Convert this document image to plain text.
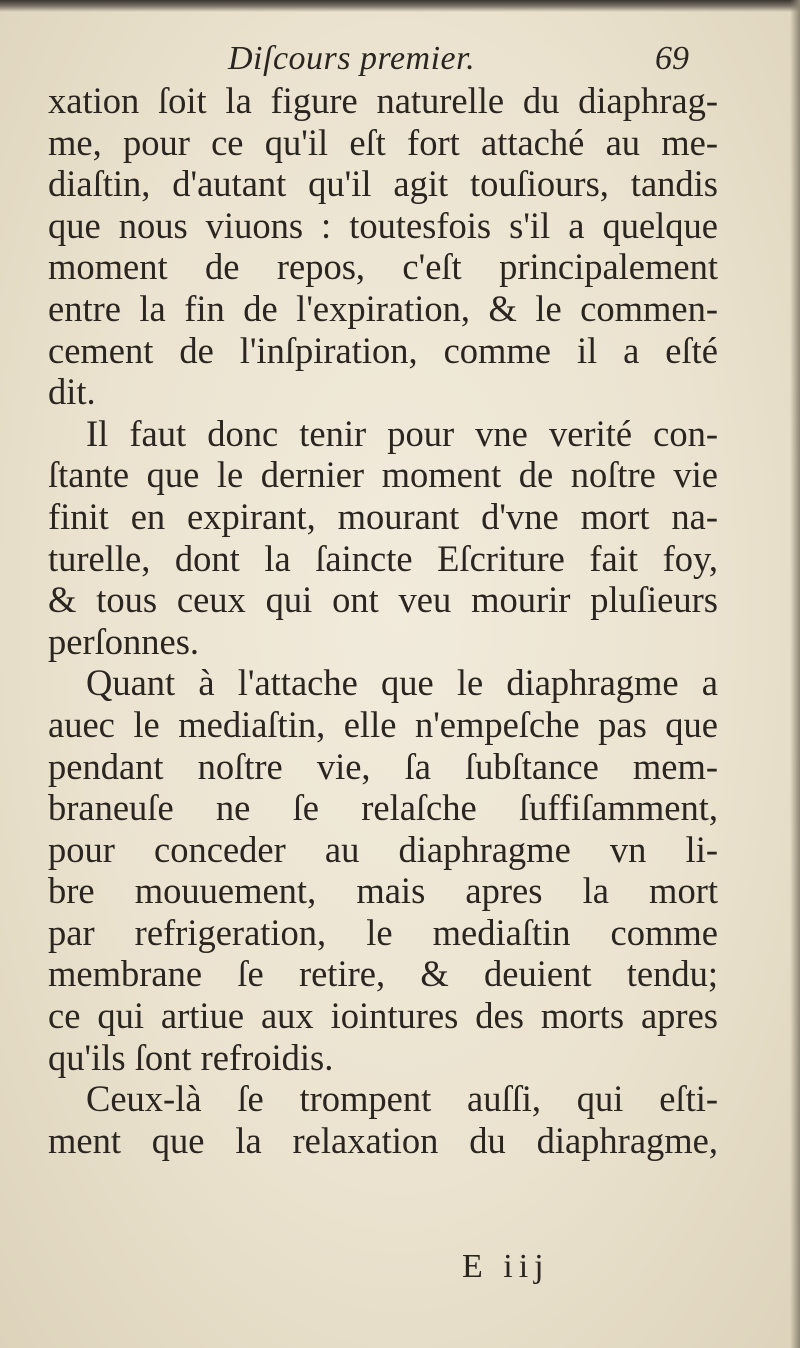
Diſcours premier.	69
xation ſoit la figure naturelle du diaphrag-
me, pour ce qu'il eſt fort attaché au me-
diaſtin, d'autant qu'il agit touſiours, tandis
que nous viuons : toutesfois s'il a quelque
moment de repos, c'eſt principalement
entre la fin de l'expiration, & le commen-
cement de l'inſpiration, comme il a eſté
dit.
Il faut donc tenir pour vne verité con-
ſtante que le dernier moment de noſtre vie
finit en expirant, mourant d'vne mort na-
turelle, dont la ſaincte Eſcriture fait foy,
& tous ceux qui ont veu mourir pluſieurs
perſonnes.
Quant à l'attache que le diaphragme a
auec le mediaſtin, elle n'empeſche pas que
pendant noſtre vie, ſa ſubſtance mem-
braneuſe ne ſe relaſche ſuffiſamment,
pour conceder au diaphragme vn li-
bre mouuement, mais apres la mort
par refrigeration, le mediaſtin comme
membrane ſe retire, & deuient tendu;
ce qui artiue aux iointures des morts apres
qu'ils ſont refroidis.
Ceux-là ſe trompent auſſi, qui eſti-
ment que la relaxation du diaphragme,
E iij
